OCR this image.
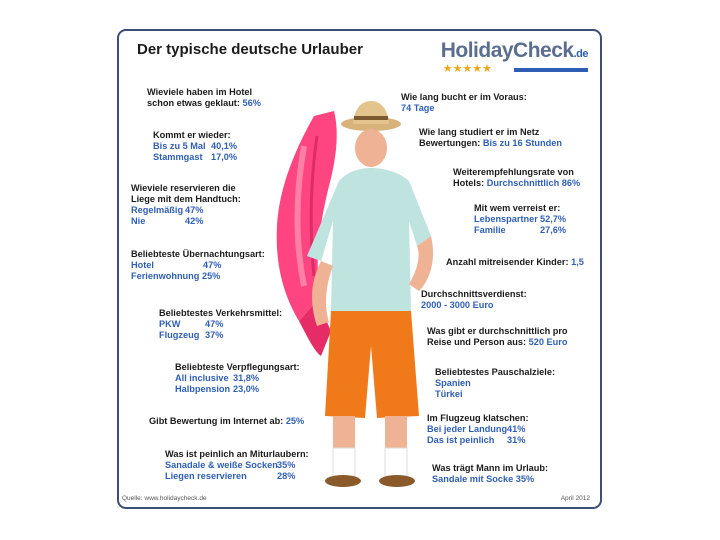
Der typische deutsche Urlauber	HolidayCheck.de
★★★★★
Wieviele haben im Hotel
schon etwas geklaut: 56%
Kommt er wieder:
Bis zu 5 Mal 40,1%
Stammgast 17,0%
Wieviele reservieren die
Liege mit dem Handtuch:
Regelmäßig 47%
Nie	42%
Beliebteste Übernachtungsart:
Hotel	47%
Ferienwohnung 25%
Beliebtestes Verkehrsmittel:
PKW	47%
Flugzeug 37%
Beliebteste Verpflegungsart:
All inclusive 31,8%
Halbpension 23,0%
Gibt Bewertung im Internet ab: 25%
Was ist peinlich an Miturlaubern:
Sanadale & weiße Socken35%
Liegen reservieren	28%
Wie lang bucht er im Voraus:
74 Tage
Wie lang studiert er im Netz
Bewertungen: Bis zu 16 Stunden
Weiterempfehlungsrate von
Hotels: Durchschnittlich 86%
Mit wem verreist er:
Lebenspartner 52,7%
Familie	27,6%
Anzahl mitreisender Kinder: 1,5
Durchschnittsverdienst:
2000 - 3000 Euro
Was gibt er durchschnittlich pro
Reise und Person aus: 520 Euro
Beliebtestes Pauschalziele:
Spanien
Türkei
Im Flugzeug klatschen:
Bei jeder Landung41%
Das ist peinlich 31%
Was trägt Mann im Urlaub:
Sandale mit Socke 35%
Quelle: www.holidaycheck.de	April 2012
